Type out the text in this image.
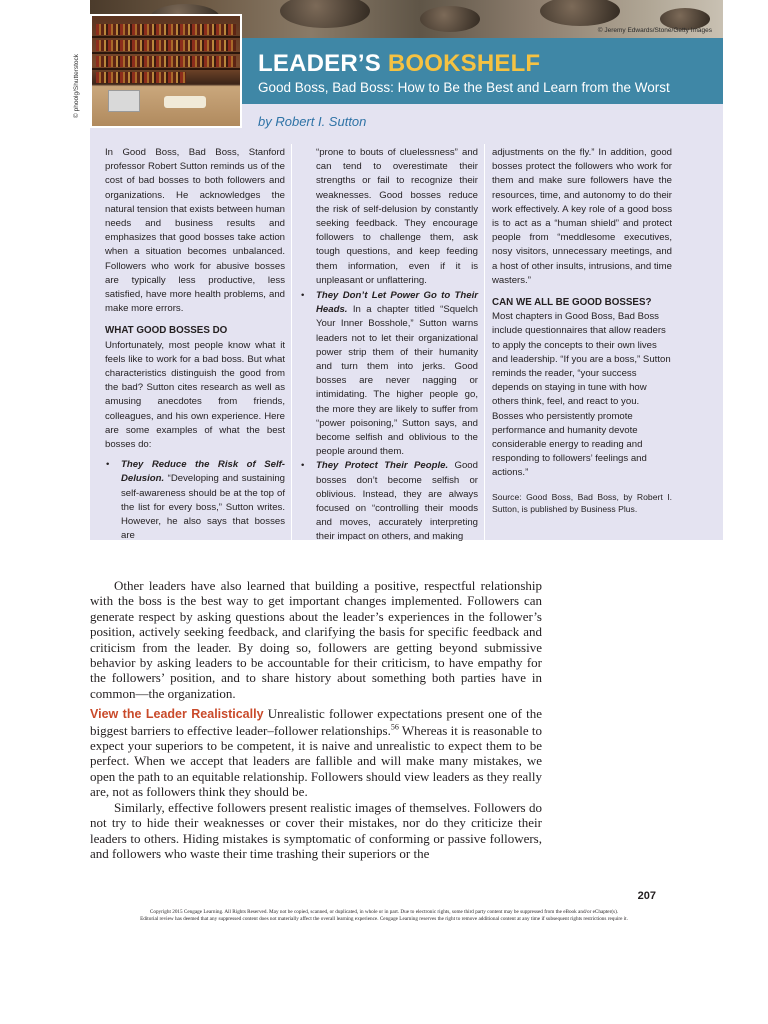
© Jeremy Edwards/Stone/Getty Images
© phoolg/Shutterstock	LEADER’S BOOKSHELF
Good Boss, Bad Boss: How to Be the Best and Learn from the Worst
by Robert I. Sutton

In Good Boss, Bad Boss, Stanford professor Robert Sutton reminds us of the cost of bad bosses to both followers and organizations. He acknowledges the natural tension that exists between human needs and business results and emphasizes that good bosses take action when a situation becomes unbalanced. Followers who work for abusive bosses are typically less productive, less satisfied, have more health problems, and make more errors.

WHAT GOOD BOSSES DO

Unfortunately, most people know what it feels like to work for a bad boss. But what characteristics distinguish the good from the bad? Sutton cites research as well as amusing anecdotes from friends, colleagues, and his own experience. Here are some examples of what the best bosses do:

• They Reduce the Risk of Self-Delusion. “Developing and sustaining self-awareness should be at the top of the list for every boss,” Sutton writes. However, he also says that bosses are

“prone to bouts of cluelessness” and can tend to overestimate their strengths or fail to recognize their weaknesses. Good bosses reduce the risk of self-delusion by constantly seeking feedback. They encourage followers to challenge them, ask tough questions, and keep feeding them information, even if it is unpleasant or unflattering.

• They Don’t Let Power Go to Their Heads. In a chapter titled “Squelch Your Inner Bosshole,” Sutton warns leaders not to let their organizational power strip them of their humanity and turn them into jerks. Good bosses are never nagging or intimidating. The higher people go, the more they are likely to suffer from “power poisoning,” Sutton says, and become selfish and oblivious to the people around them.
• They Protect Their People. Good bosses don’t become selfish or oblivious. Instead, they are always focused on “controlling their moods and moves, accurately interpreting their impact on others, and making

adjustments on the fly.” In addition, good bosses protect the followers who work for them and make sure followers have the resources, time, and autonomy to do their work effectively. A key role of a good boss is to act as a “human shield” and protect people from “meddlesome executives, nosy visitors, unnecessary meetings, and a host of other insults, intrusions, and time wasters.”

CAN WE ALL BE GOOD BOSSES?

Most chapters in Good Boss, Bad Boss include questionnaires that allow readers to apply the concepts to their own lives and leadership. “If you are a boss,” Sutton reminds the reader, “your success depends on staying in tune with how others think, feel, and react to you. Bosses who persistently promote performance and humanity devote considerable energy to reading and responding to followers’ feelings and actions.”

Source: Good Boss, Bad Boss, by Robert I. Sutton, is published by Business Plus.

Other leaders have also learned that building a positive, respectful relationship with the boss is the best way to get important changes implemented. Followers can generate respect by asking questions about the leader’s experiences in the follower’s position, actively seeking feedback, and clarifying the basis for specific feedback and criticism from the leader. By doing so, followers are getting beyond submissive behavior by asking leaders to be accountable for their criticism, to have empathy for the followers’ position, and to share history about something both parties have in common—the organization.

View the Leader Realistically Unrealistic follower expectations present one of the biggest barriers to effective leader–follower relationships.$^{56}$ Whereas it is reasonable to expect your superiors to be competent, it is naive and unrealistic to expect them to be perfect. When we accept that leaders are fallible and will make many mistakes, we open the path to an equitable relationship. Followers should view leaders as they really are, not as followers think they should be.

Similarly, effective followers present realistic images of themselves. Followers do not try to hide their weaknesses or cover their mistakes, nor do they criticize their leaders to others. Hiding mistakes is symptomatic of conforming or passive followers, and followers who waste their time trashing their superiors or the

207
Copyright 2015 Cengage Learning. All Rights Reserved. May not be copied, scanned, or duplicated, in whole or in part. Due to electronic rights, some third party content may be suppressed from the eBook and/or eChapter(s).
Editorial review has deemed that any suppressed content does not materially affect the overall learning experience. Cengage Learning reserves the right to remove additional content at any time if subsequent rights restrictions require it.
